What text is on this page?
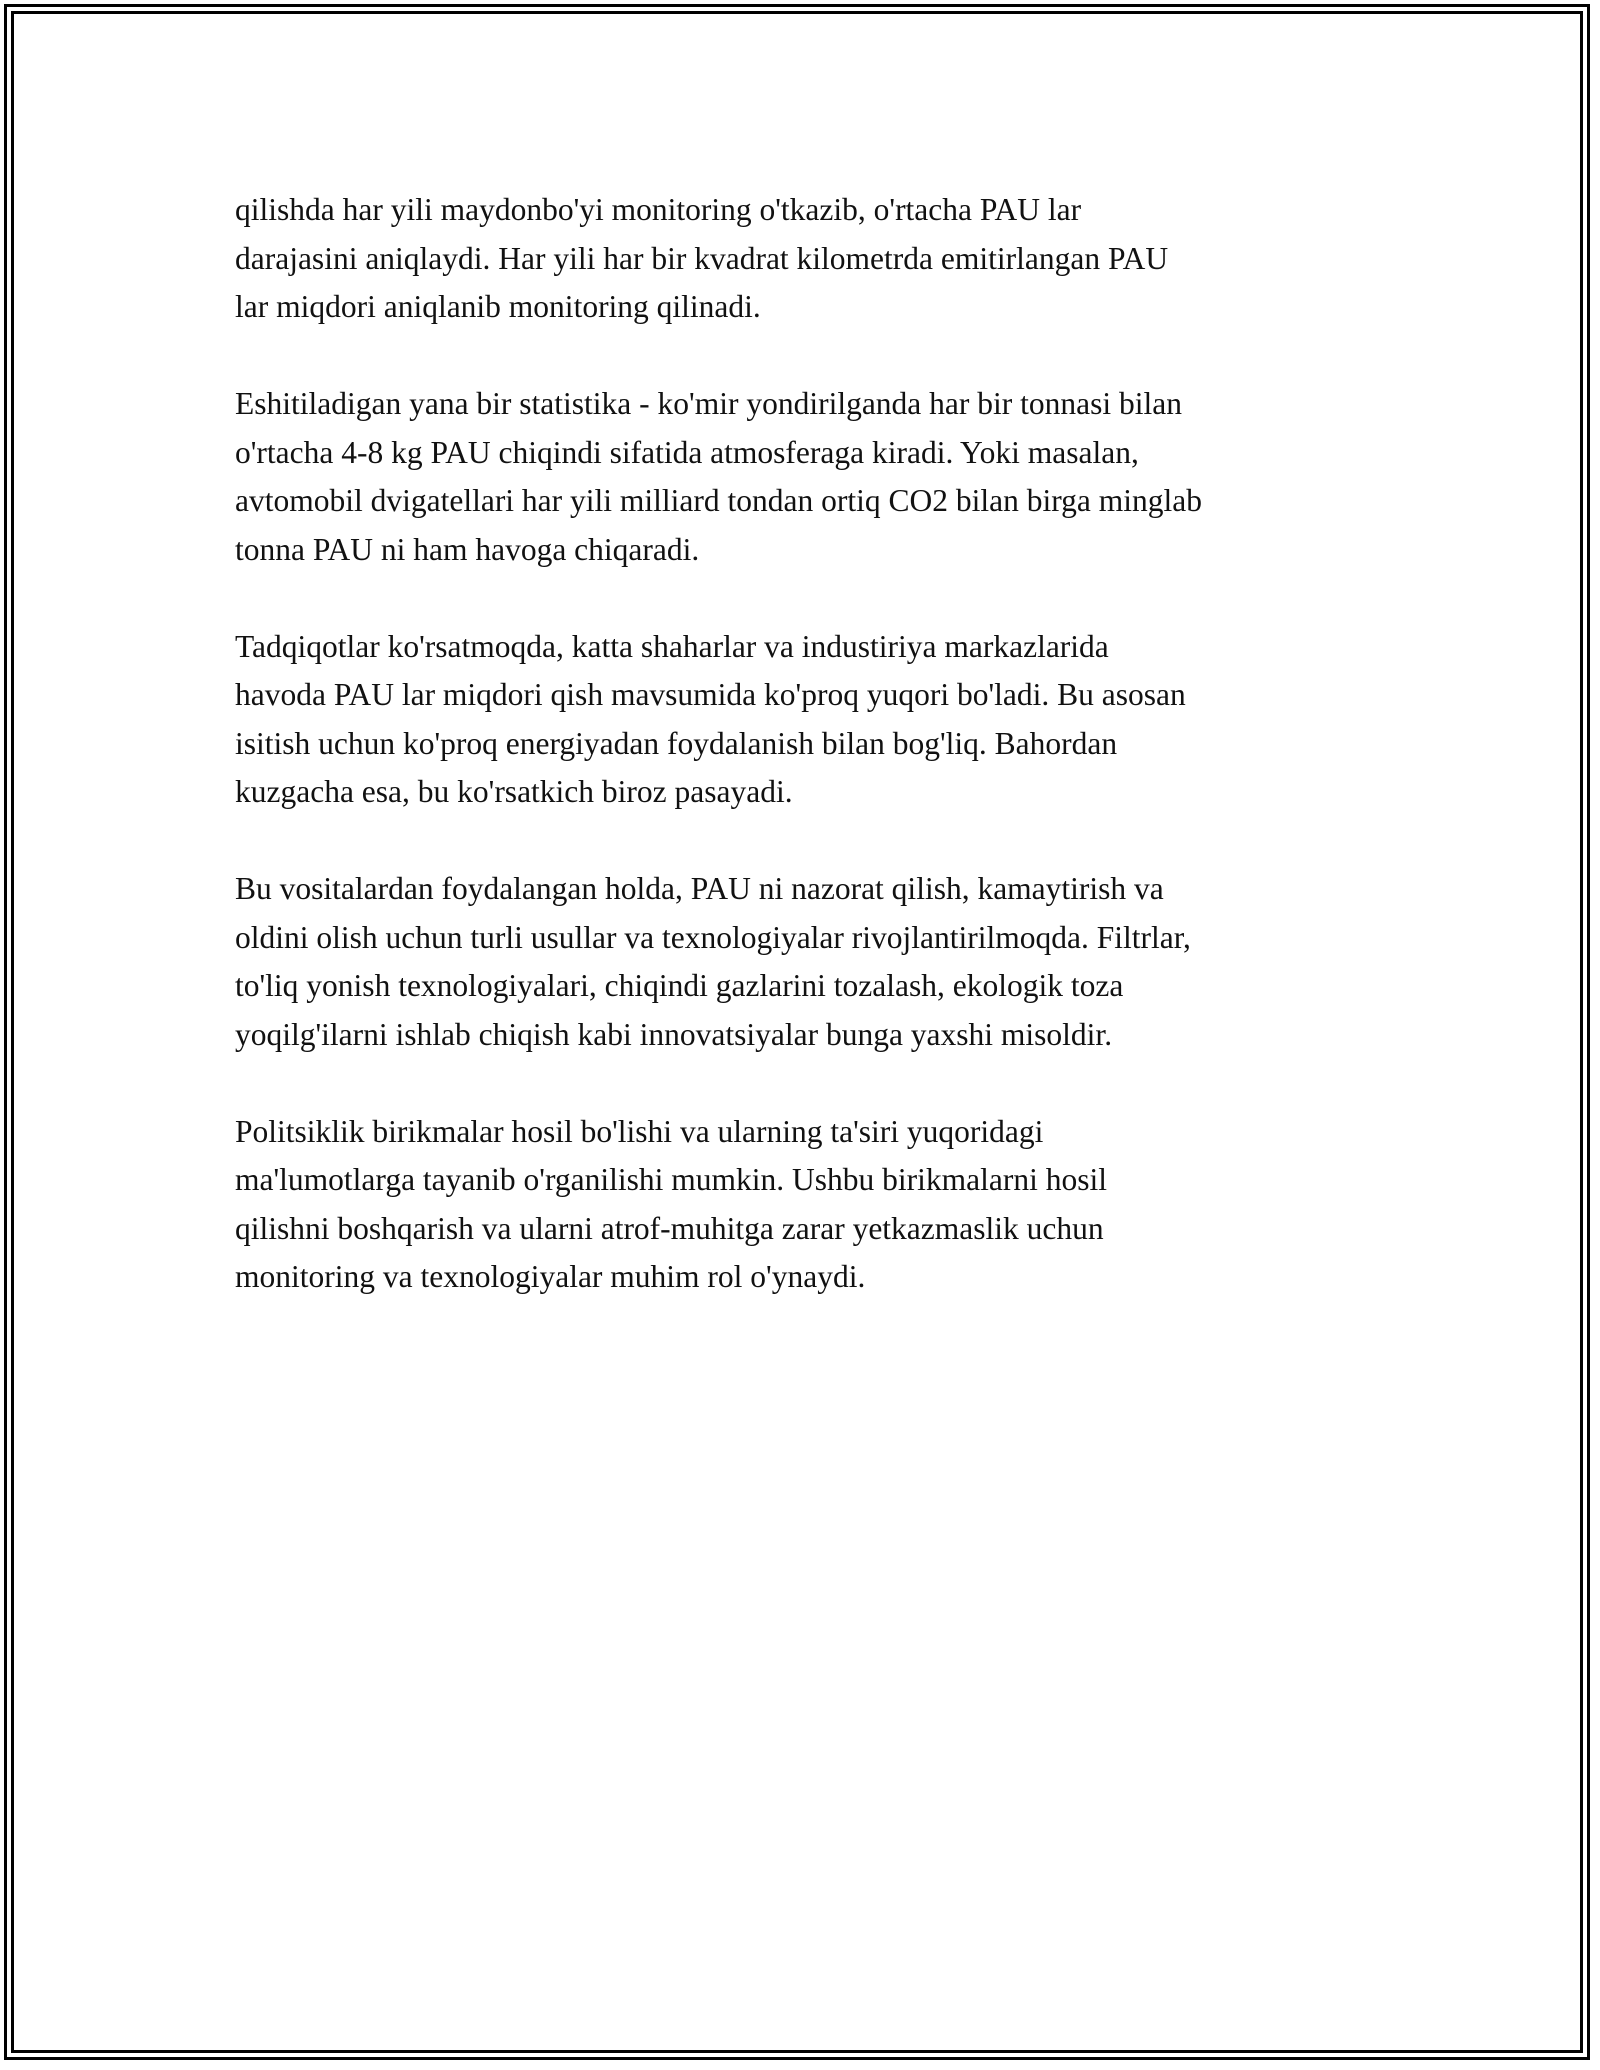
qilishda har yili maydonbo'yi monitoring o'tkazib, o'rtacha PAU lar
darajasini aniqlaydi. Har yili har bir kvadrat kilometrda emitirlangan PAU
lar miqdori aniqlanib monitoring qilinadi.

Eshitiladigan yana bir statistika - ko'mir yondirilganda har bir tonnasi bilan
o'rtacha 4-8 kg PAU chiqindi sifatida atmosferaga kiradi. Yoki masalan,
avtomobil dvigatellari har yili milliard tondan ortiq CO2 bilan birga minglab
tonna PAU ni ham havoga chiqaradi.

Tadqiqotlar ko'rsatmoqda, katta shaharlar va industiriya markazlarida
havoda PAU lar miqdori qish mavsumida ko'proq yuqori bo'ladi. Bu asosan
isitish uchun ko'proq energiyadan foydalanish bilan bog'liq. Bahordan
kuzgacha esa, bu ko'rsatkich biroz pasayadi.

Bu vositalardan foydalangan holda, PAU ni nazorat qilish, kamaytirish va
oldini olish uchun turli usullar va texnologiyalar rivojlantirilmoqda. Filtrlar,
to'liq yonish texnologiyalari, chiqindi gazlarini tozalash, ekologik toza
yoqilg'ilarni ishlab chiqish kabi innovatsiyalar bunga yaxshi misoldir.

Politsiklik birikmalar hosil bo'lishi va ularning ta'siri yuqoridagi
ma'lumotlarga tayanib o'rganilishi mumkin. Ushbu birikmalarni hosil
qilishni boshqarish va ularni atrof-muhitga zarar yetkazmaslik uchun
monitoring va texnologiyalar muhim rol o'ynaydi.
